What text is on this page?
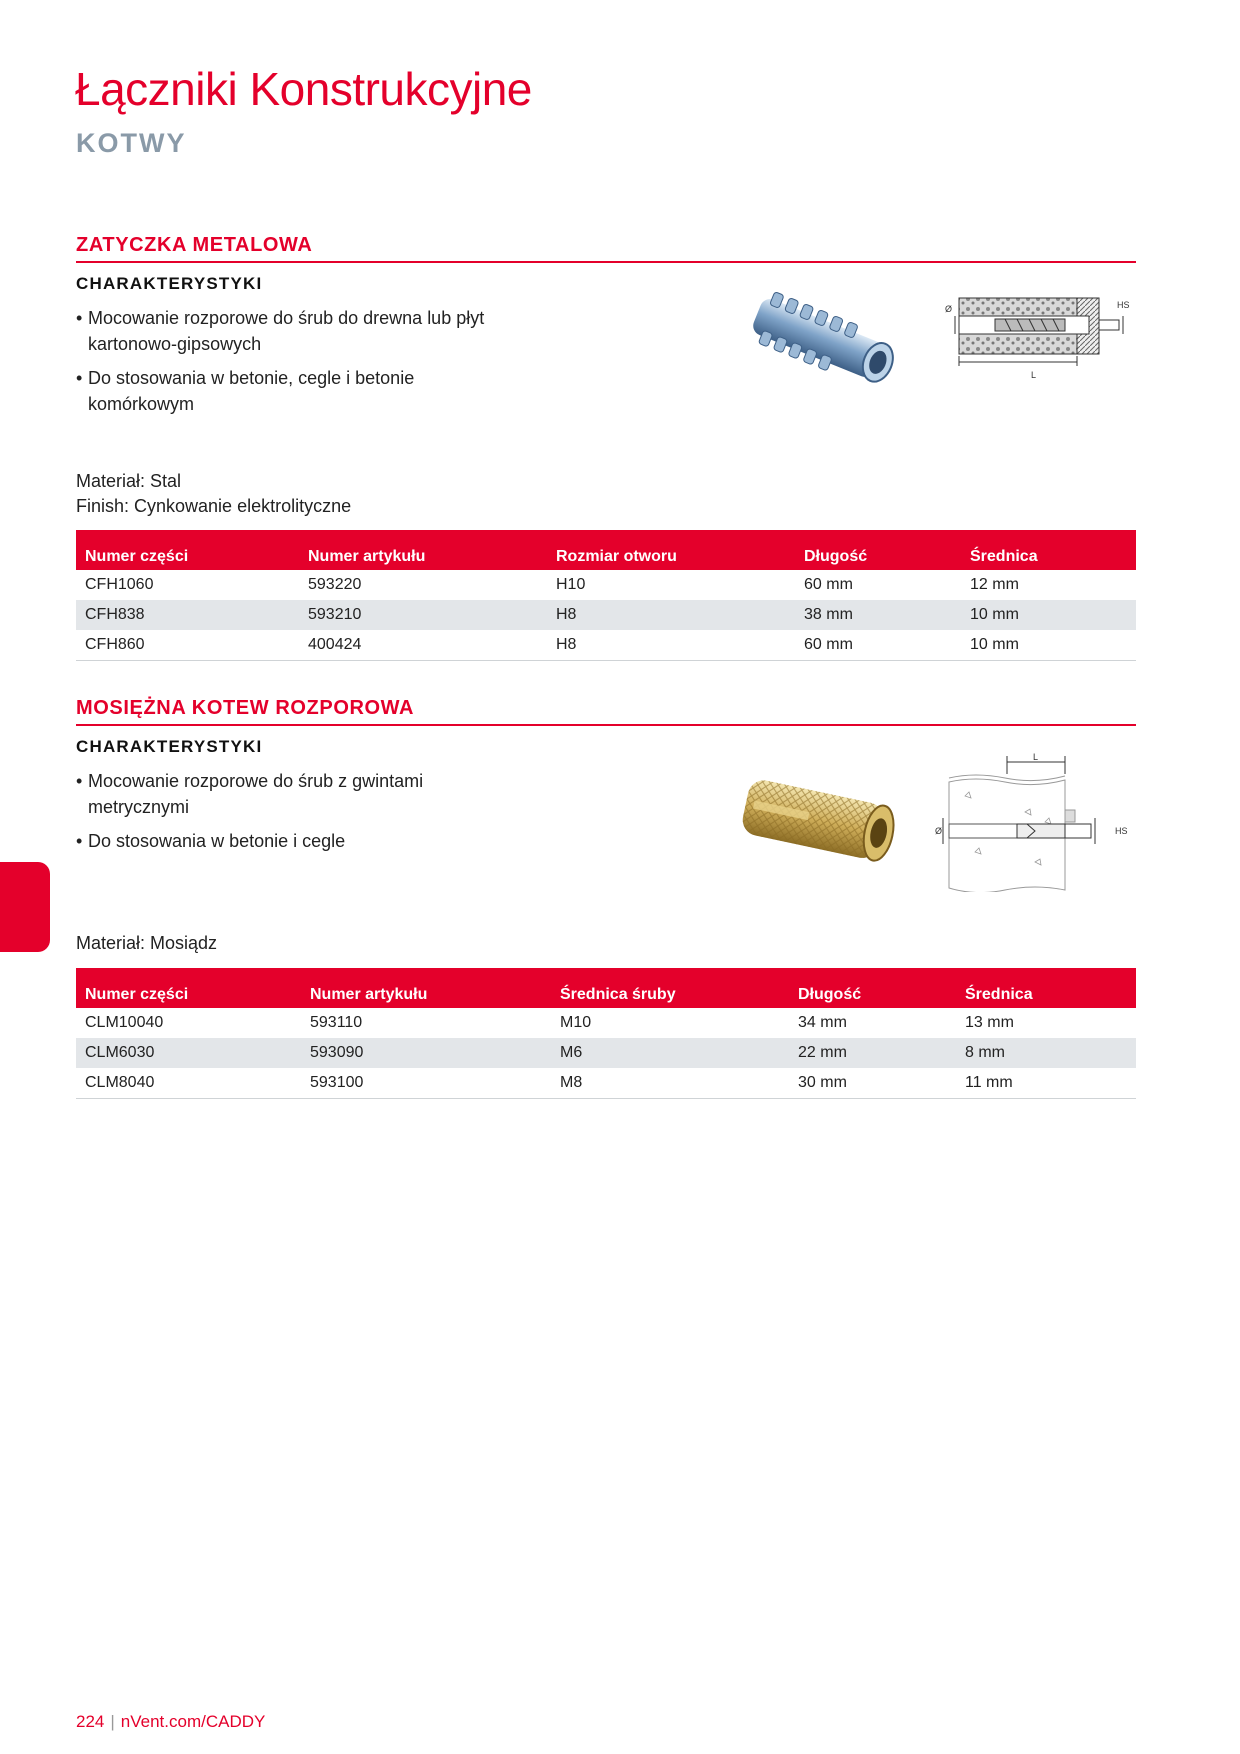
Łączniki Konstrukcyjne
KOTWY
ZATYCZKA METALOWA
CHARAKTERYSTYKI
• Mocowanie rozporowe do śrub do drewna lub płyt kartonowo-gipsowych
• Do stosowania w betonie, cegle i betonie komórkowym
Ø	HS
L
Materiał: Stal
Finish: Cynkowanie elektrolityczne
Numer części	Numer artykułu	Rozmiar otworu	Długość	Średnica
CFH1060	593220	H10	60 mm	12 mm
CFH838	593210	H8	38 mm	10 mm
CFH860	400424	H8	60 mm	10 mm
MOSIĘŻNA KOTEW ROZPOROWA
CHARAKTERYSTYKI
• Mocowanie rozporowe do śrub z gwintami metrycznymi
• Do stosowania w betonie i cegle
L
Ø	HS
Materiał: Mosiądz
Numer części	Numer artykułu	Średnica śruby	Długość	Średnica
CLM10040	593110	M10	34 mm	13 mm
CLM6030	593090	M6	22 mm	8 mm
CLM8040	593100	M8	30 mm	11 mm
224 | nVent.com/CADDY
